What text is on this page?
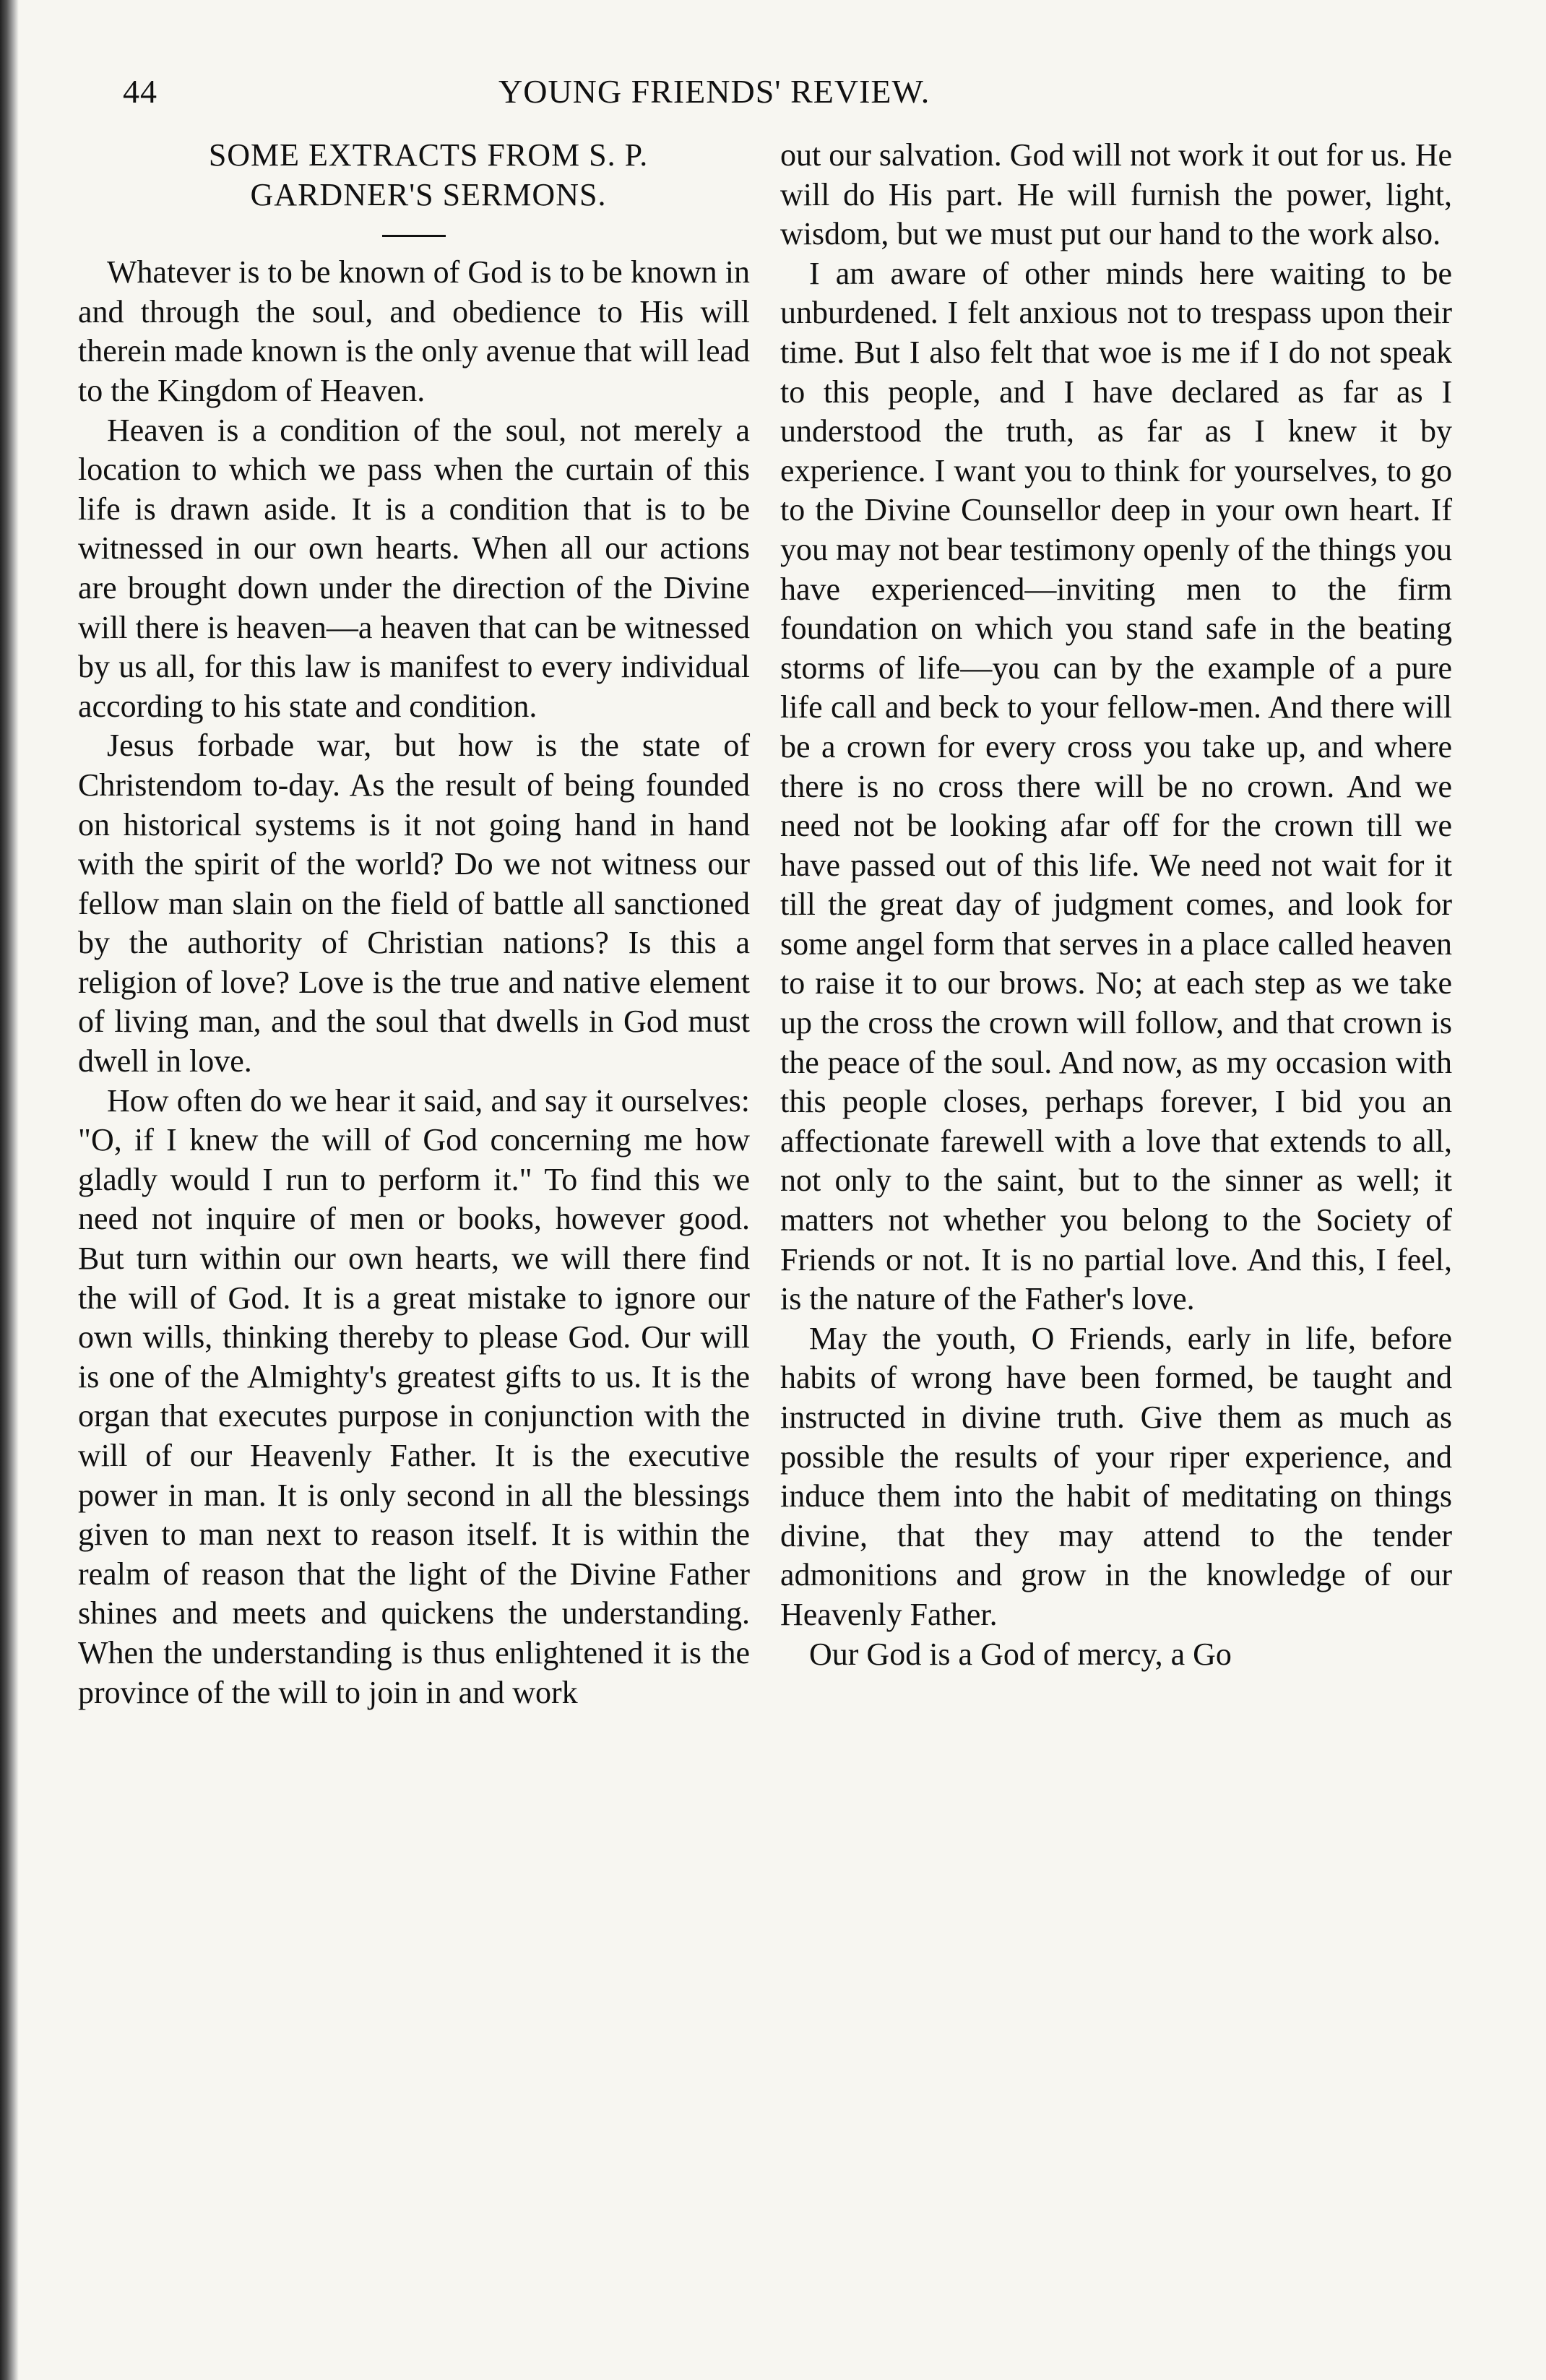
44	YOUNG FRIENDS' REVIEW.

SOME EXTRACTS FROM S. P.

GARDNER'S SERMONS.

Whatever is to be known of God is to be known in and through the soul, and obedience to His will therein made known is the only avenue that will lead to the Kingdom of Heaven.

Heaven is a condition of the soul, not merely a location to which we pass when the curtain of this life is drawn aside. It is a condition that is to be witnessed in our own hearts. When all our actions are brought down under the direction of the Divine will there is heaven—a heaven that can be witnessed by us all, for this law is manifest to every individual according to his state and condition.

Jesus forbade war, but how is the state of Christendom to-day. As the result of being founded on historical systems is it not going hand in hand with the spirit of the world? Do we not witness our fellow man slain on the field of battle all sanctioned by the authority of Christian nations? Is this a religion of love? Love is the true and native element of living man, and the soul that dwells in God must dwell in love.

How often do we hear it said, and say it ourselves: "O, if I knew the will of God concerning me how gladly would I run to perform it." To find this we need not inquire of men or books, however good. But turn within our own hearts, we will there find the will of God. It is a great mistake to ignore our own wills, thinking thereby to please God. Our will is one of the Almighty's greatest gifts to us. It is the organ that executes purpose in conjunction with the will of our Heavenly Father. It is the executive power in man. It is only second in all the blessings given to man next to reason itself. It is within the realm of reason that the light of the Divine Father shines and meets and quickens the understanding. When the understanding is thus enlightened it is the province of the will to join in and work

out our salvation. God will not work it out for us. He will do His part. He will furnish the power, light, wisdom, but we must put our hand to the work also.

I am aware of other minds here waiting to be unburdened. I felt anxious not to trespass upon their time. But I also felt that woe is me if I do not speak to this people, and I have declared as far as I understood the truth, as far as I knew it by experience. I want you to think for yourselves, to go to the Divine Counsellor deep in your own heart. If you may not bear testimony openly of the things you have experienced—inviting men to the firm foundation on which you stand safe in the beating storms of life—you can by the example of a pure life call and beck to your fellow-men. And there will be a crown for every cross you take up, and where there is no cross there will be no crown. And we need not be looking afar off for the crown till we have passed out of this life. We need not wait for it till the great day of judgment comes, and look for some angel form that serves in a place called heaven to raise it to our brows. No; at each step as we take up the cross the crown will follow, and that crown is the peace of the soul. And now, as my occasion with this people closes, perhaps forever, I bid you an affectionate farewell with a love that extends to all, not only to the saint, but to the sinner as well; it matters not whether you belong to the Society of Friends or not. It is no partial love. And this, I feel, is the nature of the Father's love.

May the youth, O Friends, early in life, before habits of wrong have been formed, be taught and instructed in divine truth. Give them as much as possible the results of your riper experience, and induce them into the habit of meditating on things divine, that they may attend to the tender admonitions and grow in the knowledge of our Heavenly Father.

Our God is a God of mercy, a Go
